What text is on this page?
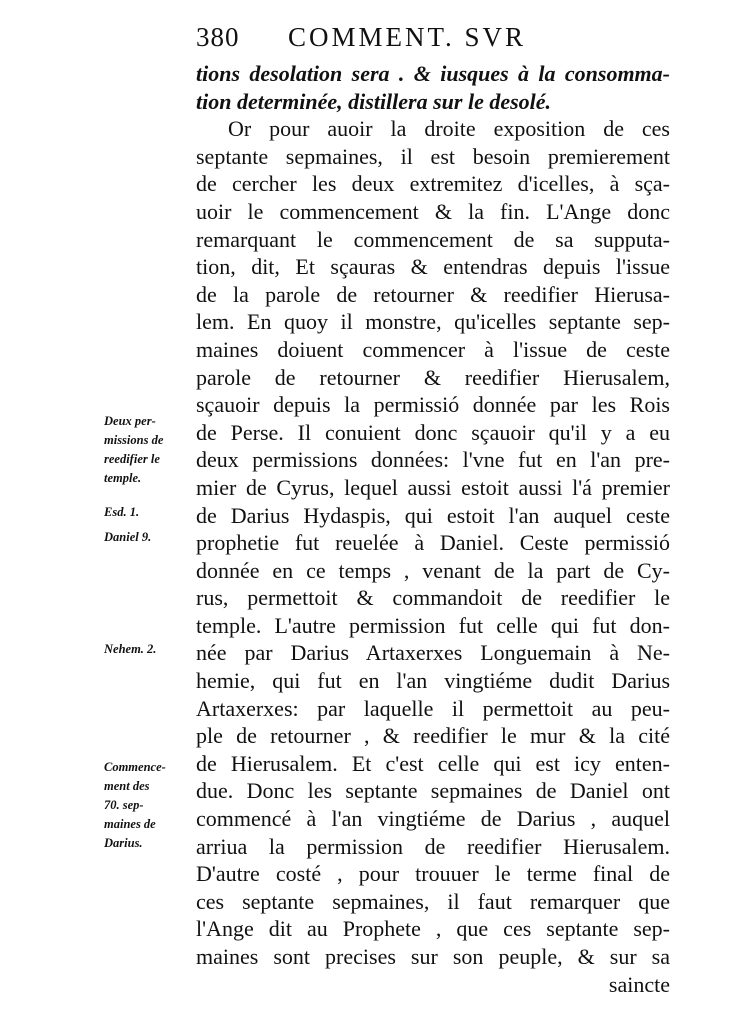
380 COMMENT. SVR
tions desolation sera . & iusques à la consomma-
tion determinée, distillera sur le desolé.
Or pour auoir la droite exposition de ces
septante sepmaines, il est besoin premierement
de cercher les deux extremitez d'icelles, à sça-
uoir le commencement & la fin. L'Ange donc
remarquant le commencement de sa supputa-
tion, dit, Et sçauras & entendras depuis l'issue
de la parole de retourner & reedifier Hierusa-
lem. En quoy il monstre, qu'icelles septante sep-
maines doiuent commencer à l'issue de ceste
parole de retourner & reedifier Hierusalem,
sçauoir depuis la permissió donnée par les Rois
de Perse. Il conuient donc sçauoir qu'il y a eu
deux permissions données: l'vne fut en l'an pre-
mier de Cyrus, lequel aussi estoit aussi l'á premier
de Darius Hydaspis, qui estoit l'an auquel ceste
prophetie fut reuelée à Daniel. Ceste permissió
donnée en ce temps , venant de la part de Cy-
rus, permettoit & commandoit de reedifier le
temple. L'autre permission fut celle qui fut don-
née par Darius Artaxerxes Longuemain à Ne-
hemie, qui fut en l'an vingtiéme dudit Darius
Artaxerxes: par laquelle il permettoit au peu-
ple de retourner , & reedifier le mur & la cité
de Hierusalem. Et c'est celle qui est icy enten-
due. Donc les septante sepmaines de Daniel ont
commencé à l'an vingtiéme de Darius , auquel
arriua la permission de reedifier Hierusalem.
D'autre costé , pour trouuer le terme final de
ces septante sepmaines, il faut remarquer que
l'Ange dit au Prophete , que ces septante sep-
maines sont precises sur son peuple, & sur sa
saincte
Deux per-
missions de
reedifier le
temple.
Esd. 1.
Daniel 9.
Nehem. 2.
Commence-
ment des
70. sep-
maines de
Darius.
